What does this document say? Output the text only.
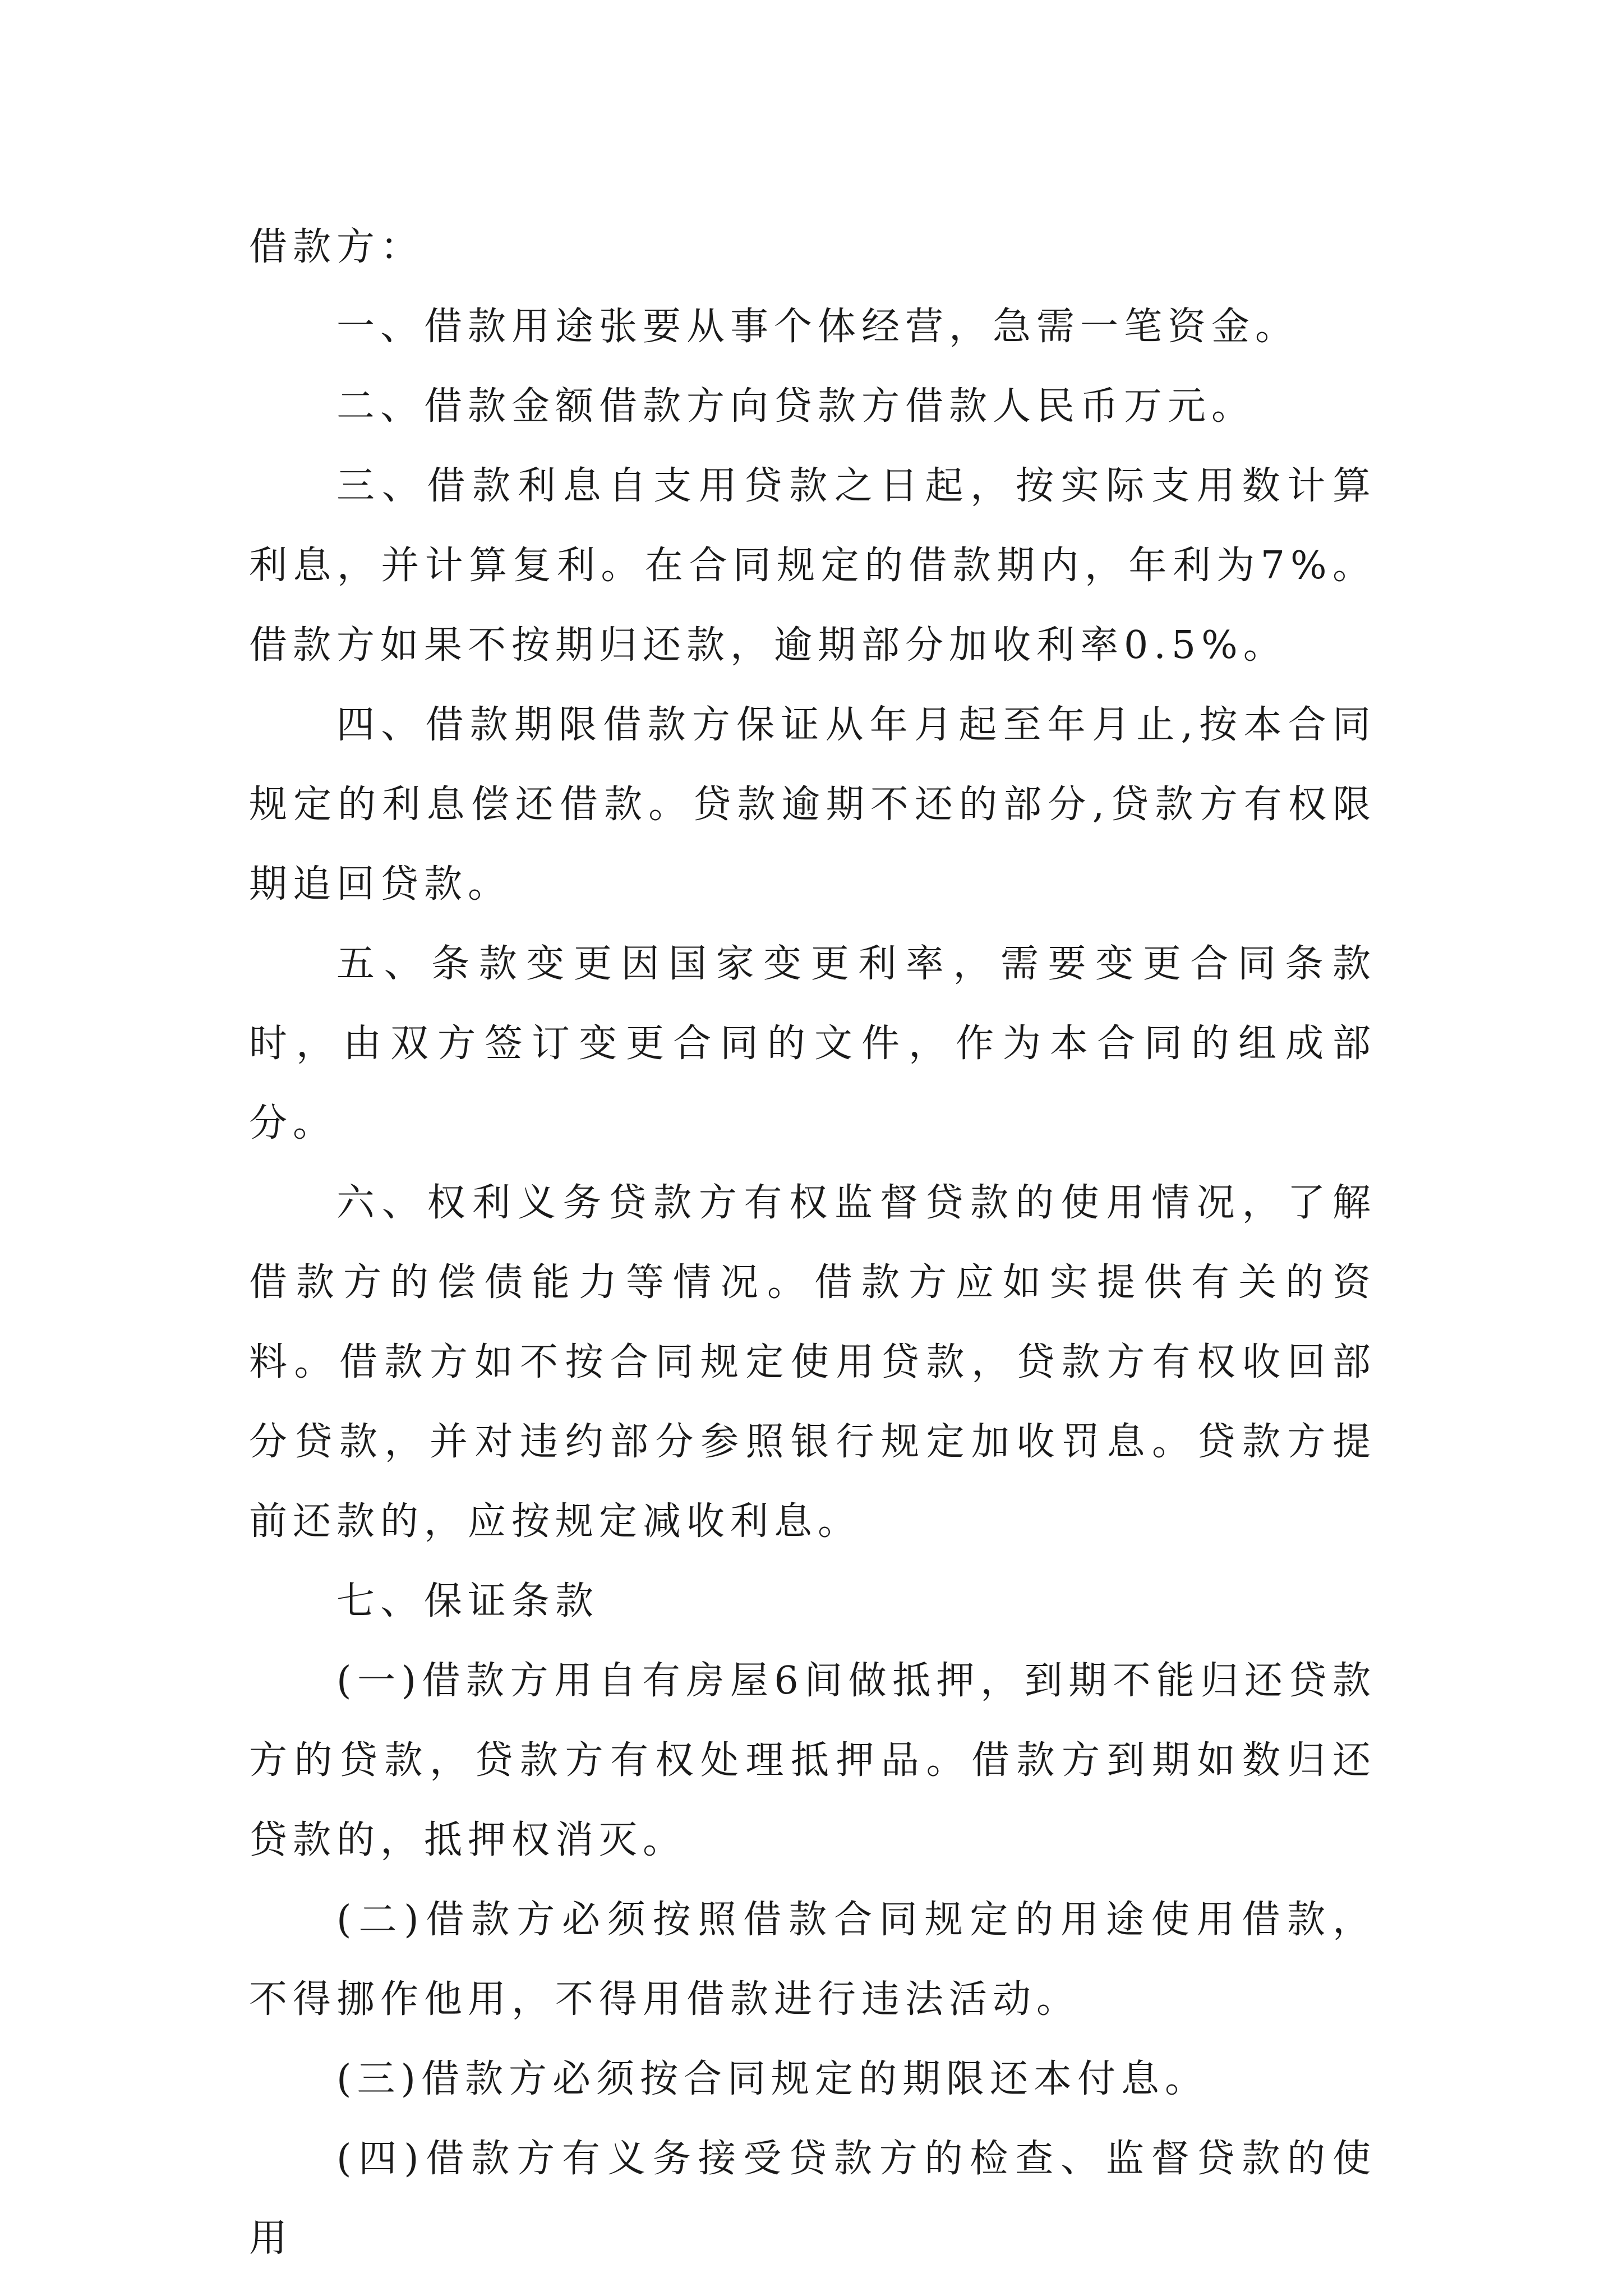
借款方：

一、借款用途张要从事个体经营，急需一笔资金。

二、借款金额借款方向贷款方借款人民币万元。

三、借款利息自支用贷款之日起，按实际支用数计算利息，并计算复利。在合同规定的借款期内，年利为7%。借款方如果不按期归还款，逾期部分加收利率0.5%。

四、借款期限借款方保证从年月起至年月止,按本合同规定的利息偿还借款。贷款逾期不还的部分,贷款方有权限期追回贷款。

五、条款变更因国家变更利率，需要变更合同条款时，由双方签订变更合同的文件，作为本合同的组成部分。

六、权利义务贷款方有权监督贷款的使用情况，了解借款方的偿债能力等情况。借款方应如实提供有关的资料。借款方如不按合同规定使用贷款，贷款方有权收回部分贷款，并对违约部分参照银行规定加收罚息。贷款方提前还款的，应按规定减收利息。

七、保证条款

(一)借款方用自有房屋6间做抵押，到期不能归还贷款方的贷款，贷款方有权处理抵押品。借款方到期如数归还贷款的，抵押权消灭。

(二)借款方必须按照借款合同规定的用途使用借款，不得挪作他用，不得用借款进行违法活动。

(三)借款方必须按合同规定的期限还本付息。

(四)借款方有义务接受贷款方的检查、监督贷款的使用
